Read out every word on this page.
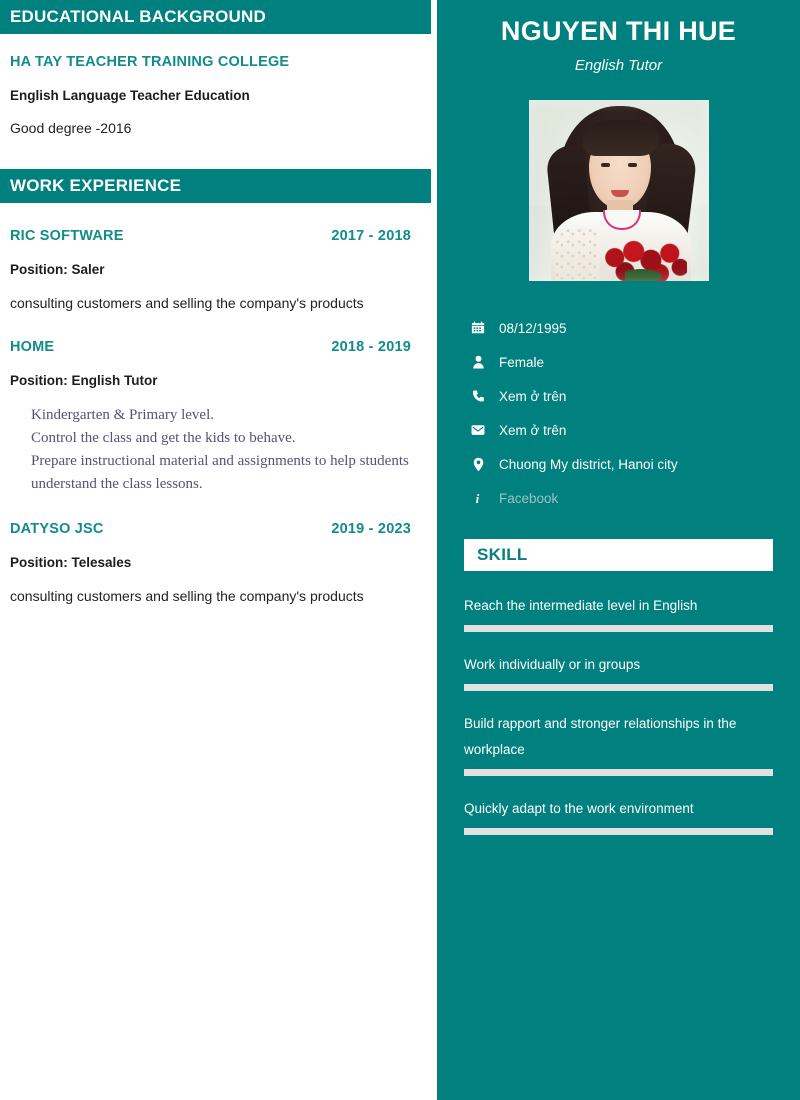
EDUCATIONAL BACKGROUND
HA TAY TEACHER TRAINING COLLEGE
English Language Teacher Education
Good degree -2016
WORK EXPERIENCE
RIC SOFTWARE	2017 - 2018
Position: Saler
consulting customers and selling the company's products
HOME	2018 - 2019
Position: English Tutor
Kindergarten & Primary level.
Control the class and get the kids to behave.
Prepare instructional material and assignments to help students understand the class lessons.
DATYSO JSC	2019 - 2023
Position: Telesales
consulting customers and selling the company's products
NGUYEN THI HUE
English Tutor
08/12/1995
Female
Xem ở trên
Xem ở trên
Chuong My district, Hanoi city
i	Facebook
SKILL
Reach the intermediate level in English
Work individually or in groups
Build rapport and stronger relationships in the workplace
Quickly adapt to the work environment
